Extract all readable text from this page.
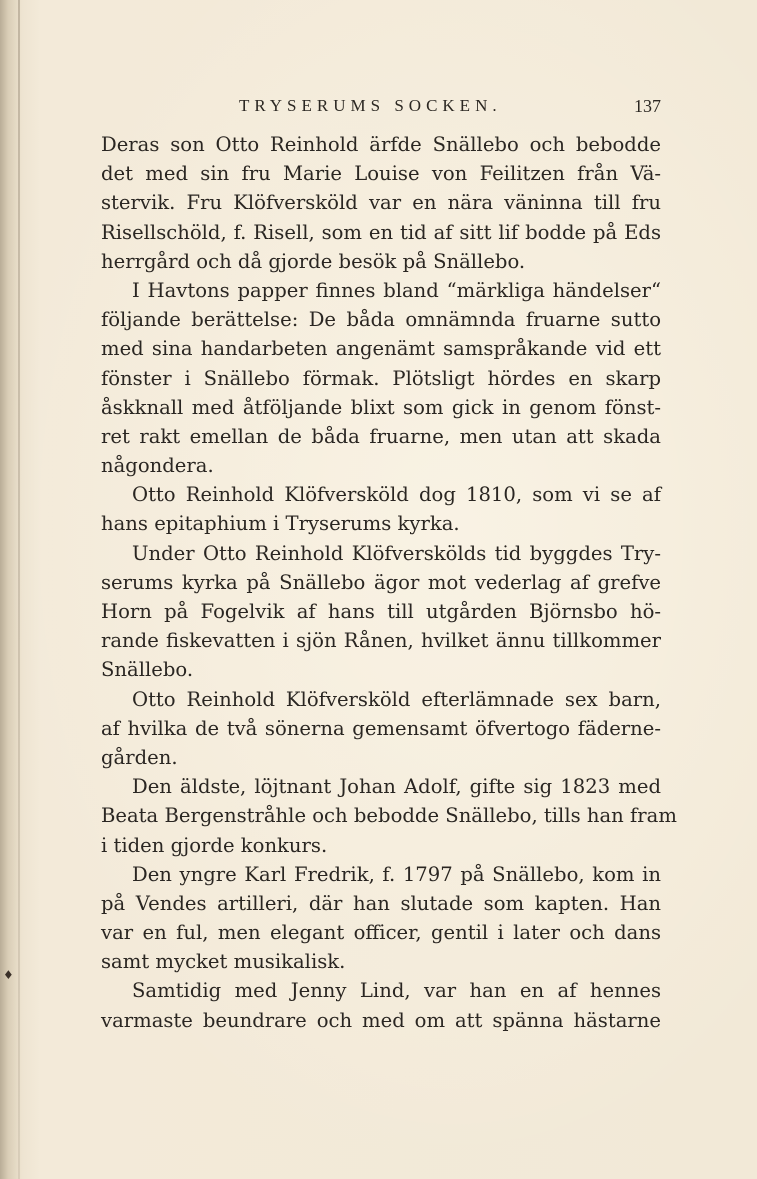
TRYSERUMS SOCKEN.	137
Deras son Otto Reinhold ärfde Snällebo och bebodde
det med sin fru Marie Louise von Feilitzen från Vä-
stervik. Fru Klöfversköld var en nära väninna till fru
Risellschöld, f. Risell, som en tid af sitt lif bodde på Eds
herrgård och då gjorde besök på Snällebo.
I Havtons papper finnes bland “märkliga händelser“
följande berättelse: De båda omnämnda fruarne sutto
med sina handarbeten angenämt samspråkande vid ett
fönster i Snällebo förmak. Plötsligt hördes en skarp
åskknall med åtföljande blixt som gick in genom fönst-
ret rakt emellan de båda fruarne, men utan att skada
någondera.
Otto Reinhold Klöfversköld dog 1810, som vi se af
hans epitaphium i Tryserums kyrka.
Under Otto Reinhold Klöfverskölds tid byggdes Try-
serums kyrka på Snällebo ägor mot vederlag af grefve
Horn på Fogelvik af hans till utgården Björnsbo hö-
rande fiskevatten i sjön Rånen, hvilket ännu tillkommer
Snällebo.
Otto Reinhold Klöfversköld efterlämnade sex barn,
af hvilka de två sönerna gemensamt öfvertogo fäderne-
gården.
Den äldste, löjtnant Johan Adolf, gifte sig 1823 med
Beata Bergenstråhle och bebodde Snällebo, tills han fram
i tiden gjorde konkurs.
Den yngre Karl Fredrik, f. 1797 på Snällebo, kom in
på Vendes artilleri, där han slutade som kapten. Han
var en ful, men elegant officer, gentil i later och dans
samt mycket musikalisk.
Samtidig med Jenny Lind, var han en af hennes
varmaste beundrare och med om att spänna hästarne
♦
